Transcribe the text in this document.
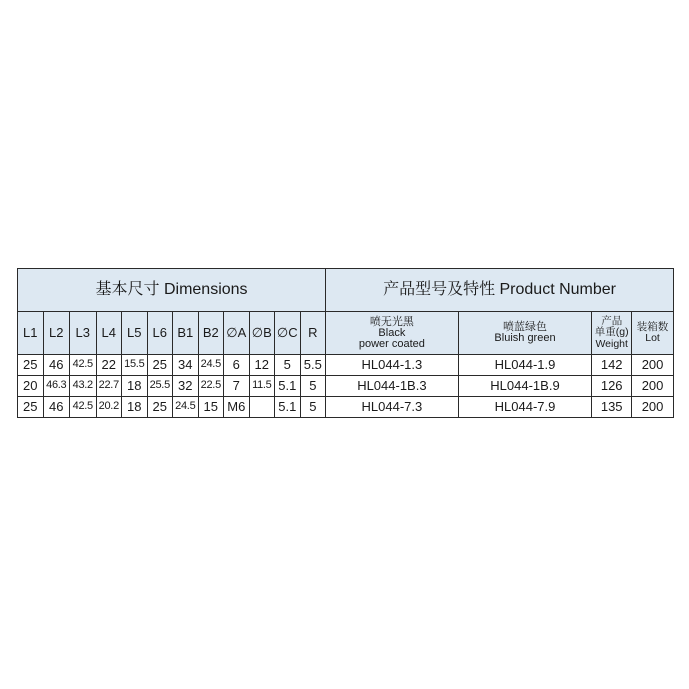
基本尺寸 Dimensions												产品型号及特性 Product Number			
L1	L2	L3	L4	L5	L6	B1	B2	∅A	∅B	∅C	R	喷无光黑
Black
power coated	喷蓝绿色
Bluish green	产品
单重(g)
Weight	装箱数
Lot

25	46	42.5	22	15.5	25	34	24.5	6	12	5	5.5	HL044-1.3	HL044-1.9	142	200
20	46.3	43.2	22.7	18	25.5	32	22.5	7	11.5	5.1	5	HL044-1B.3	HL044-1B.9	126	200
25	46	42.5	20.2	18	25	24.5	15	M6		5.1	5	HL044-7.3	HL044-7.9	135	200
